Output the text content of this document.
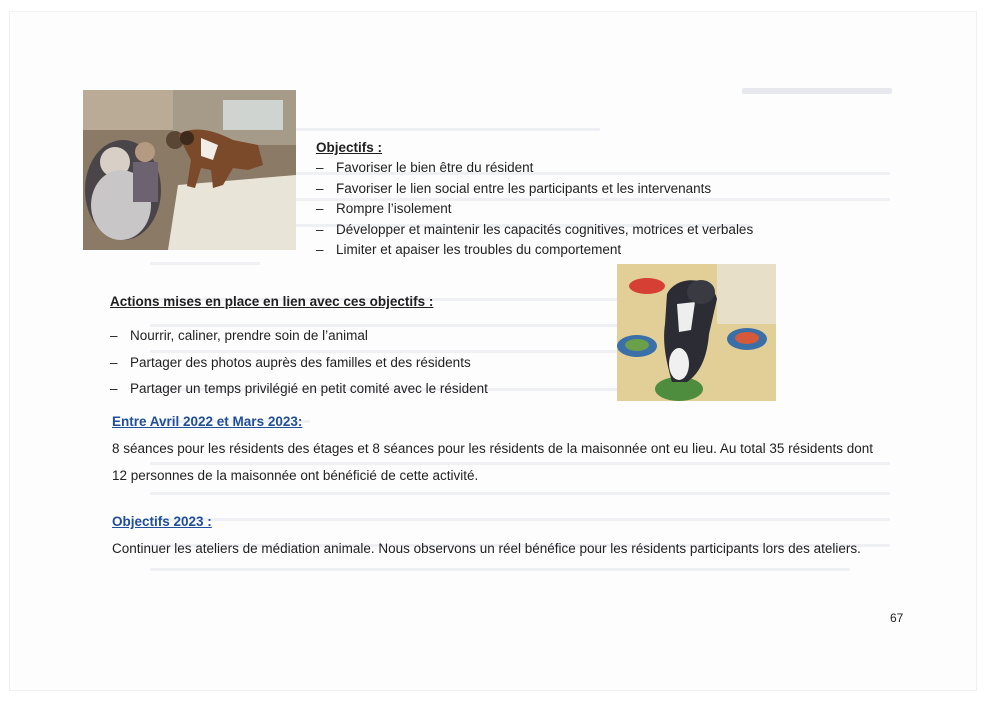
Objectifs :
– Favoriser le bien être du résident
– Favoriser le lien social entre les participants et les intervenants
– Rompre l’isolement
– Développer et maintenir les capacités cognitives, motrices et verbales
– Limiter et apaiser les troubles du comportement
Actions mises en place en lien avec ces objectifs :
– Nourrir, caliner, prendre soin de l’animal
– Partager des photos auprès des familles et des résidents
– Partager un temps privilégié en petit comité avec le résident
Entre Avril 2022 et Mars 2023:
8 séances pour les résidents des étages et 8 séances pour les résidents de la maisonnée ont eu lieu. Au total 35 résidents dont
12 personnes de la maisonnée ont bénéficié de cette activité.
Objectifs 2023 :
Continuer les ateliers de médiation animale. Nous observons un réel bénéfice pour les résidents participants lors des ateliers.
67
